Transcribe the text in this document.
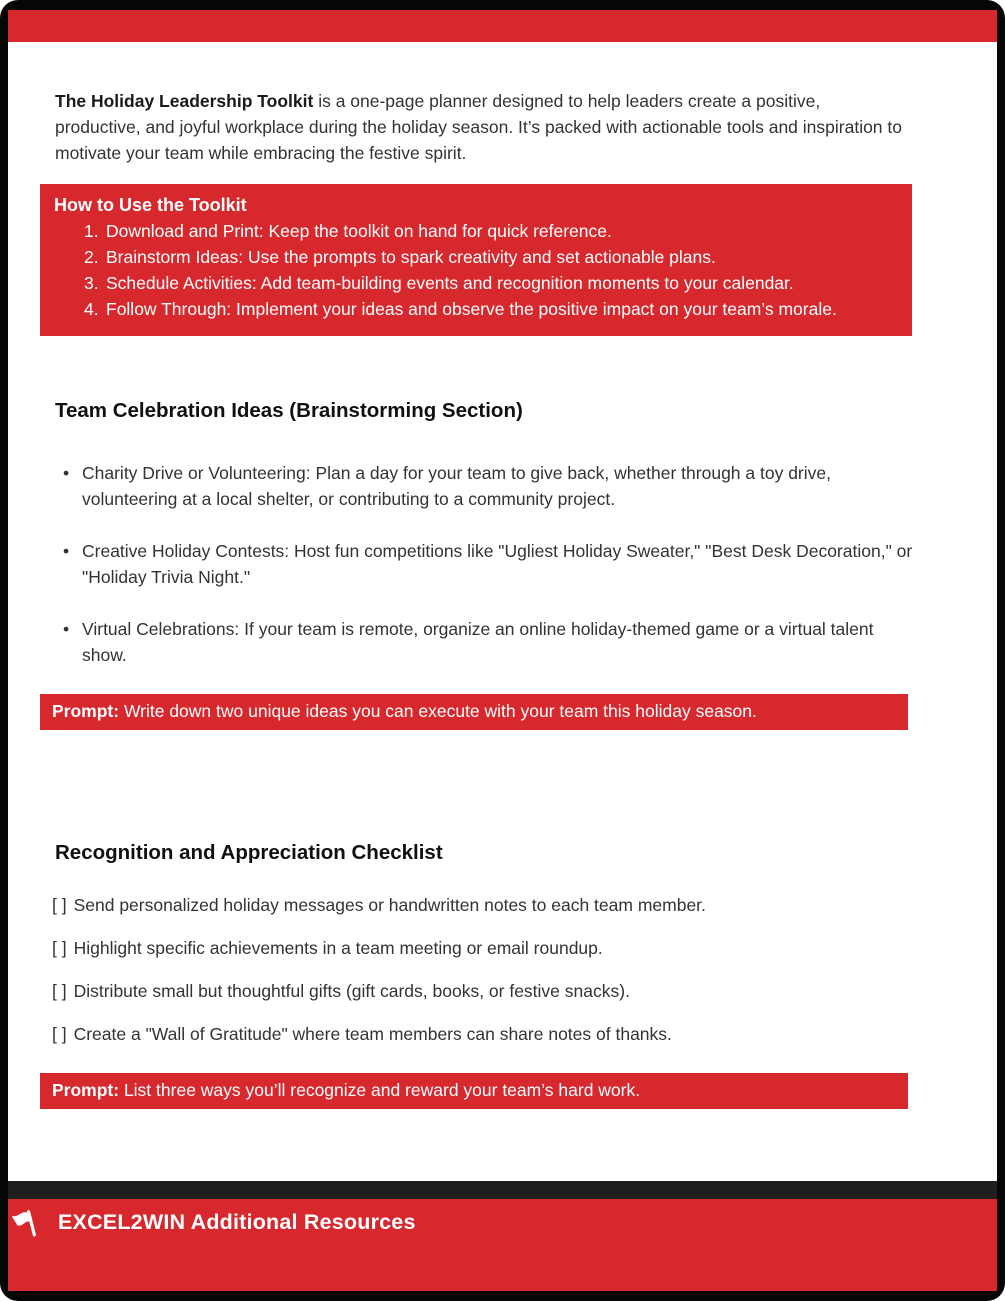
The Holiday Leadership Toolkit is a one-page planner designed to help leaders create a positive, productive, and joyful workplace during the holiday season. It’s packed with actionable tools and inspiration to motivate your team while embracing the festive spirit.

How to Use the Toolkit
1. Download and Print: Keep the toolkit on hand for quick reference.
2. Brainstorm Ideas: Use the prompts to spark creativity and set actionable plans.
3. Schedule Activities: Add team-building events and recognition moments to your calendar.
4. Follow Through: Implement your ideas and observe the positive impact on your team’s morale.
Team Celebration Ideas (Brainstorming Section)
• Charity Drive or Volunteering: Plan a day for your team to give back, whether through a toy drive, volunteering at a local shelter, or contributing to a community project.
• Creative Holiday Contests: Host fun competitions like "Ugliest Holiday Sweater," "Best Desk Decoration," or "Holiday Trivia Night."
• Virtual Celebrations: If your team is remote, organize an online holiday-themed game or a virtual talent show.
Prompt: Write down two unique ideas you can execute with your team this holiday season.
Recognition and Appreciation Checklist
[ ] Send personalized holiday messages or handwritten notes to each team member.
[ ] Highlight specific achievements in a team meeting or email roundup.
[ ] Distribute small but thoughtful gifts (gift cards, books, or festive snacks).
[ ] Create a "Wall of Gratitude" where team members can share notes of thanks.
Prompt: List three ways you’ll recognize and reward your team’s hard work.
EXCEL2WIN Additional Resources
